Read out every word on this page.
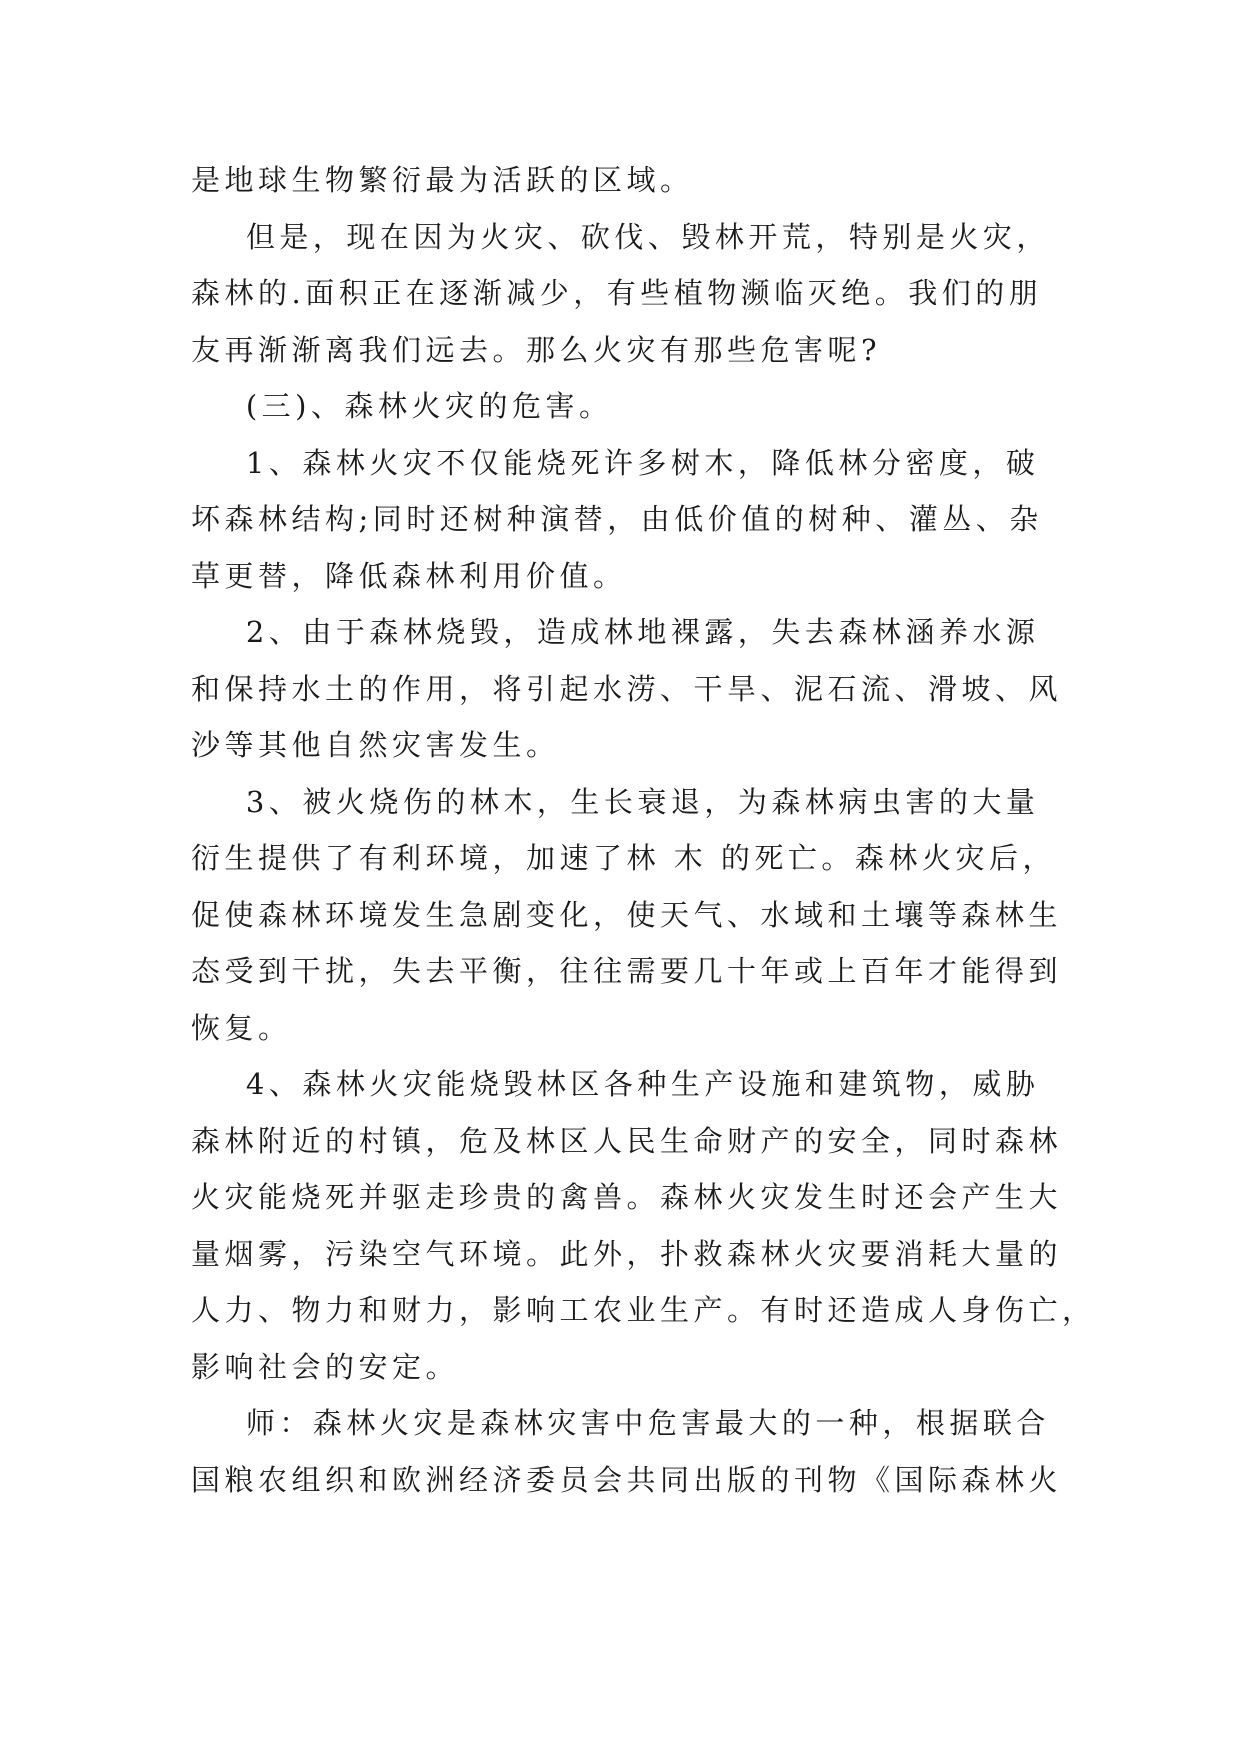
是地球生物繁衍最为活跃的区域。
但是，现在因为火灾、砍伐、毁林开荒，特别是火灾，
森林的.面积正在逐渐减少，有些植物濒临灭绝。我们的朋
友再渐渐离我们远去。那么火灾有那些危害呢?
(三)、森林火灾的危害。
1、森林火灾不仅能烧死许多树木，降低林分密度，破
坏森林结构;同时还树种演替，由低价值的树种、灌丛、杂
草更替，降低森林利用价值。
2、由于森林烧毁，造成林地裸露，失去森林涵养水源
和保持水土的作用，将引起水涝、干旱、泥石流、滑坡、风
沙等其他自然灾害发生。
3、被火烧伤的林木，生长衰退，为森林病虫害的大量
衍生提供了有利环境，加速了林 木 的死亡。森林火灾后，
促使森林环境发生急剧变化，使天气、水域和土壤等森林生
态受到干扰，失去平衡，往往需要几十年或上百年才能得到
恢复。
4、森林火灾能烧毁林区各种生产设施和建筑物，威胁
森林附近的村镇，危及林区人民生命财产的安全，同时森林
火灾能烧死并驱走珍贵的禽兽。森林火灾发生时还会产生大
量烟雾，污染空气环境。此外，扑救森林火灾要消耗大量的
人力、物力和财力，影响工农业生产。有时还造成人身伤亡，
影响社会的安定。
师：森林火灾是森林灾害中危害最大的一种，根据联合
国粮农组织和欧洲经济委员会共同出版的刊物《国际森林火
